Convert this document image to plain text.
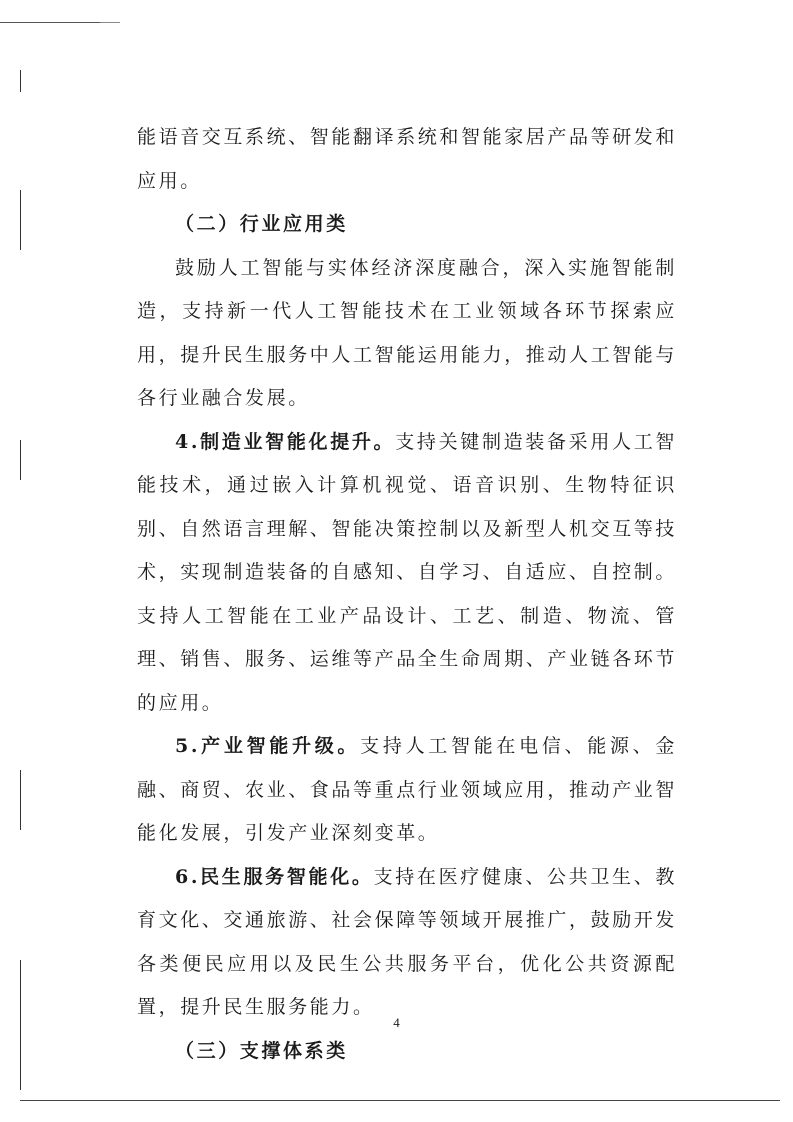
能语音交互系统、智能翻译系统和智能家居产品等研发和应用。

（二）行业应用类

鼓励人工智能与实体经济深度融合，深入实施智能制造，支持新一代人工智能技术在工业领域各环节探索应用，提升民生服务中人工智能运用能力，推动人工智能与各行业融合发展。

4.制造业智能化提升。支持关键制造装备采用人工智能技术，通过嵌入计算机视觉、语音识别、生物特征识别、自然语言理解、智能决策控制以及新型人机交互等技术，实现制造装备的自感知、自学习、自适应、自控制。支持人工智能在工业产品设计、工艺、制造、物流、管理、销售、服务、运维等产品全生命周期、产业链各环节的应用。

5.产业智能升级。支持人工智能在电信、能源、金融、商贸、农业、食品等重点行业领域应用，推动产业智能化发展，引发产业深刻变革。

6.民生服务智能化。支持在医疗健康、公共卫生、教育文化、交通旅游、社会保障等领域开展推广，鼓励开发各类便民应用以及民生公共服务平台，优化公共资源配置，提升民生服务能力。

（三）支撑体系类

4
